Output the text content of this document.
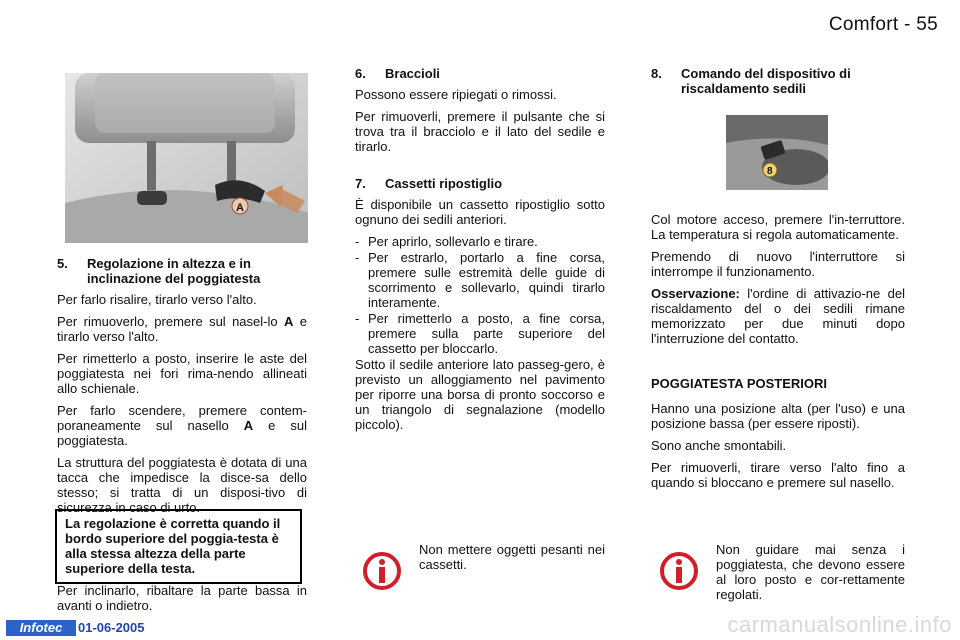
Comfort - 55
A
5.	Regolazione in altezza e in inclinazione del poggiatesta

Per farlo risalire, tirarlo verso l'alto.

Per rimuoverlo, premere sul nasel-lo A e tirarlo verso l'alto.

Per rimetterlo a posto, inserire le aste del poggiatesta nei fori rima-nendo allineati allo schienale.

Per farlo scendere, premere contem-poraneamente sul nasello A e sul poggiatesta.

La struttura del poggiatesta è dotata di una tacca che impedisce la disce-sa dello stesso; si tratta di un disposi-tivo di sicurezza in caso di urto.

La regolazione è corretta quando il bordo superiore del poggia-testa è alla stessa altezza della parte superiore della testa.

Per inclinarlo, ribaltare la parte bassa in avanti o indietro.

6.	Braccioli

Possono essere ripiegati o rimossi.

Per rimuoverli, premere il pulsante che si trova tra il bracciolo e il lato del sedile e tirarlo.

7.	Cassetti ripostiglio

È disponibile un cassetto ripostiglio sotto ognuno dei sedili anteriori.

- Per aprirlo, sollevarlo e tirare.
- Per estrarlo, portarlo a fine corsa, premere sulle estremità delle guide di scorrimento e sollevarlo, quindi tirarlo interamente.
- Per rimetterlo a posto, a fine corsa, premere sulla parte superiore del cassetto per bloccarlo.

Sotto il sedile anteriore lato passeg-gero, è previsto un alloggiamento nel pavimento per riporre una borsa di pronto soccorso e un triangolo di segnalazione (modello piccolo).

Non mettere oggetti pesanti nei cassetti.
8.	Comando del dispositivo di riscaldamento sedili
8

Col motore acceso, premere l'in-terruttore. La temperatura si regola automaticamente.

Premendo di nuovo l'interruttore si interrompe il funzionamento.

Osservazione: l'ordine di attivazio-ne del riscaldamento del o dei sedili rimane memorizzato per due minuti dopo l'interruzione del contatto.

POGGIATESTA POSTERIORI

Hanno una posizione alta (per l'uso) e una posizione bassa (per essere riposti).

Sono anche smontabili.

Per rimuoverli, tirare verso l'alto fino a quando si bloccano e premere sul nasello.

Non guidare mai senza i poggiatesta, che devono essere al loro posto e cor-rettamente regolati.
Infotec	01-06-2005	carmanualsonline.info
